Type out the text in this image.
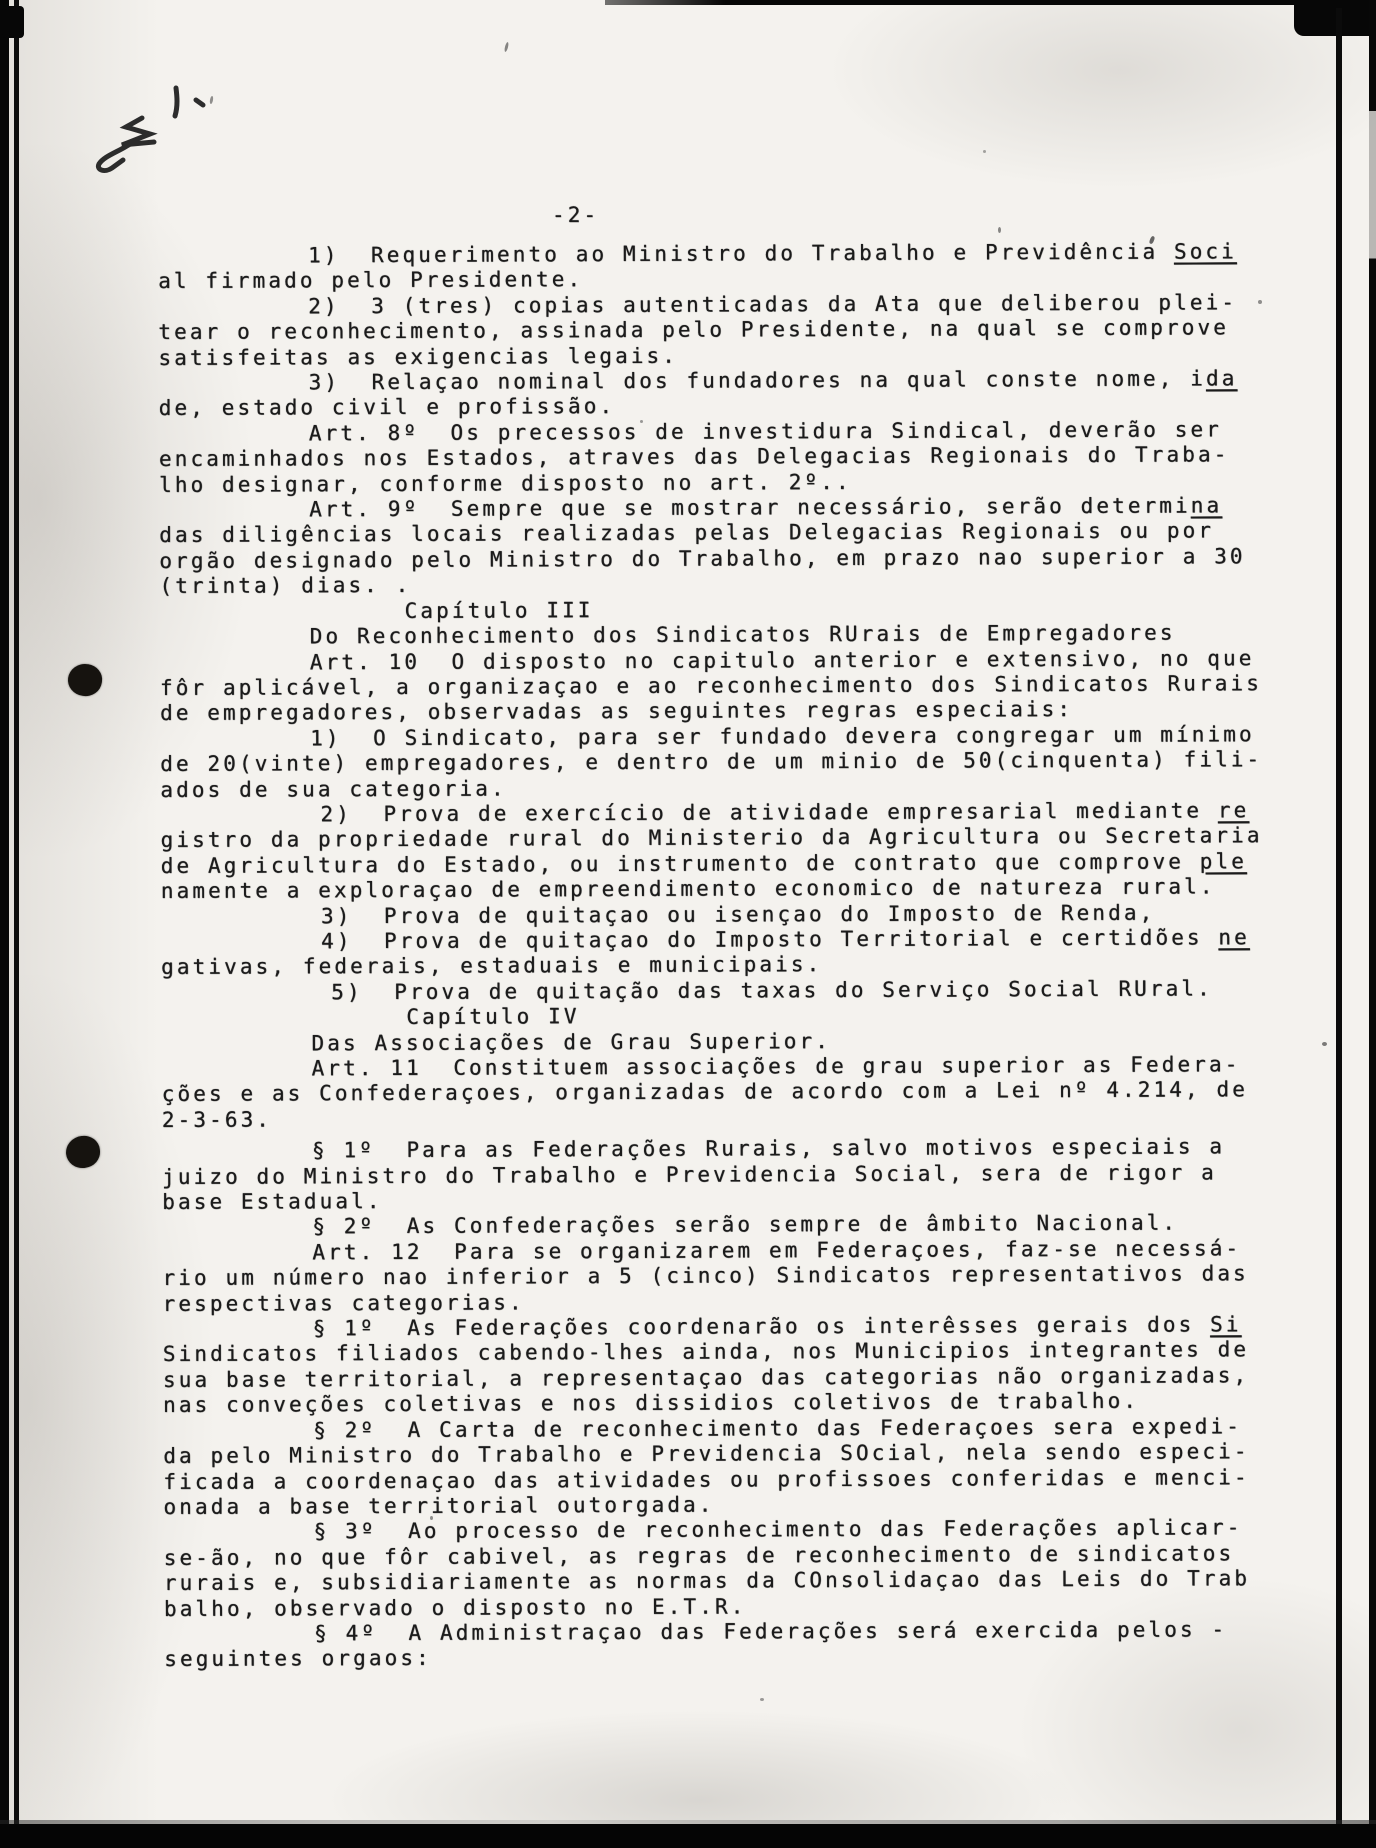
-2-
1)  Requerimento ao Ministro do Trabalho e Previdência Soci
al firmado pelo Presidente.
2)  3 (tres) copias autenticadas da Ata que deliberou plei-
tear o reconhecimento, assinada pelo Presidente, na qual se comprove
satisfeitas as exigencias legais.
3)  Relaçao nominal dos fundadores na qual conste nome, ida
de, estado civil e profissão.
Art. 8º  Os precessos de investidura Sindical, deverão ser
encaminhados nos Estados, atraves das Delegacias Regionais do Traba-
lho designar, conforme disposto no art. 2º..
Art. 9º  Sempre que se mostrar necessário, serão determina
das diligências locais realizadas pelas Delegacias Regionais ou por
orgão designado pelo Ministro do Trabalho, em prazo nao superior a 30
(trinta) dias. .
Capítulo III
Do Reconhecimento dos Sindicatos RUrais de Empregadores
Art. 10  O disposto no capitulo anterior e extensivo, no que
fôr aplicável, a organizaçao e ao reconhecimento dos Sindicatos Rurais
de empregadores, observadas as seguintes regras especiais:
1)  O Sindicato, para ser fundado devera congregar um mínimo
de 20(vinte) empregadores, e dentro de um minio de 50(cinquenta) fili-
ados de sua categoria.
2)  Prova de exercício de atividade empresarial mediante re
gistro da propriedade rural do Ministerio da Agricultura ou Secretaria
de Agricultura do Estado, ou instrumento de contrato que comprove ple
namente a exploraçao de empreendimento economico de natureza rural.
3)  Prova de quitaçao ou isençao do Imposto de Renda,
4)  Prova de quitaçao do Imposto Territorial e certidões ne
gativas, federais, estaduais e municipais.
5)  Prova de quitação das taxas do Serviço Social RUral.
Capítulo IV
Das Associações de Grau Superior.
Art. 11  Constituem associações de grau superior as Federa-
ções e as Confederaçoes, organizadas de acordo com a Lei nº 4.214, de
2-3-63.
§ 1º  Para as Federações Rurais, salvo motivos especiais a
juizo do Ministro do Trabalho e Previdencia Social, sera de rigor a
base Estadual.
§ 2º  As Confederações serão sempre de âmbito Nacional.
Art. 12  Para se organizarem em Federaçoes, faz-se necessá-
rio um número nao inferior a 5 (cinco) Sindicatos representativos das
respectivas categorias.
§ 1º  As Federações coordenarão os interêsses gerais dos Si
Sindicatos filiados cabendo-lhes ainda, nos Municipios integrantes de
sua base territorial, a representaçao das categorias não organizadas,
nas conveções coletivas e nos dissidios coletivos de trabalho.
§ 2º  A Carta de reconhecimento das Federaçoes sera expedi-
da pelo Ministro do Trabalho e Previdencia SOcial, nela sendo especi-
ficada a coordenaçao das atividades ou profissoes conferidas e menci-
onada a base territorial outorgada.
§ 3º  Ao processo de reconhecimento das Federações aplicar-
se-ão, no que fôr cabivel, as regras de reconhecimento de sindicatos
rurais e, subsidiariamente as normas da COnsolidaçao das Leis do Trab
balho, observado o disposto no E.T.R.
§ 4º  A Administraçao das Federações será exercida pelos -
seguintes orgaos:
